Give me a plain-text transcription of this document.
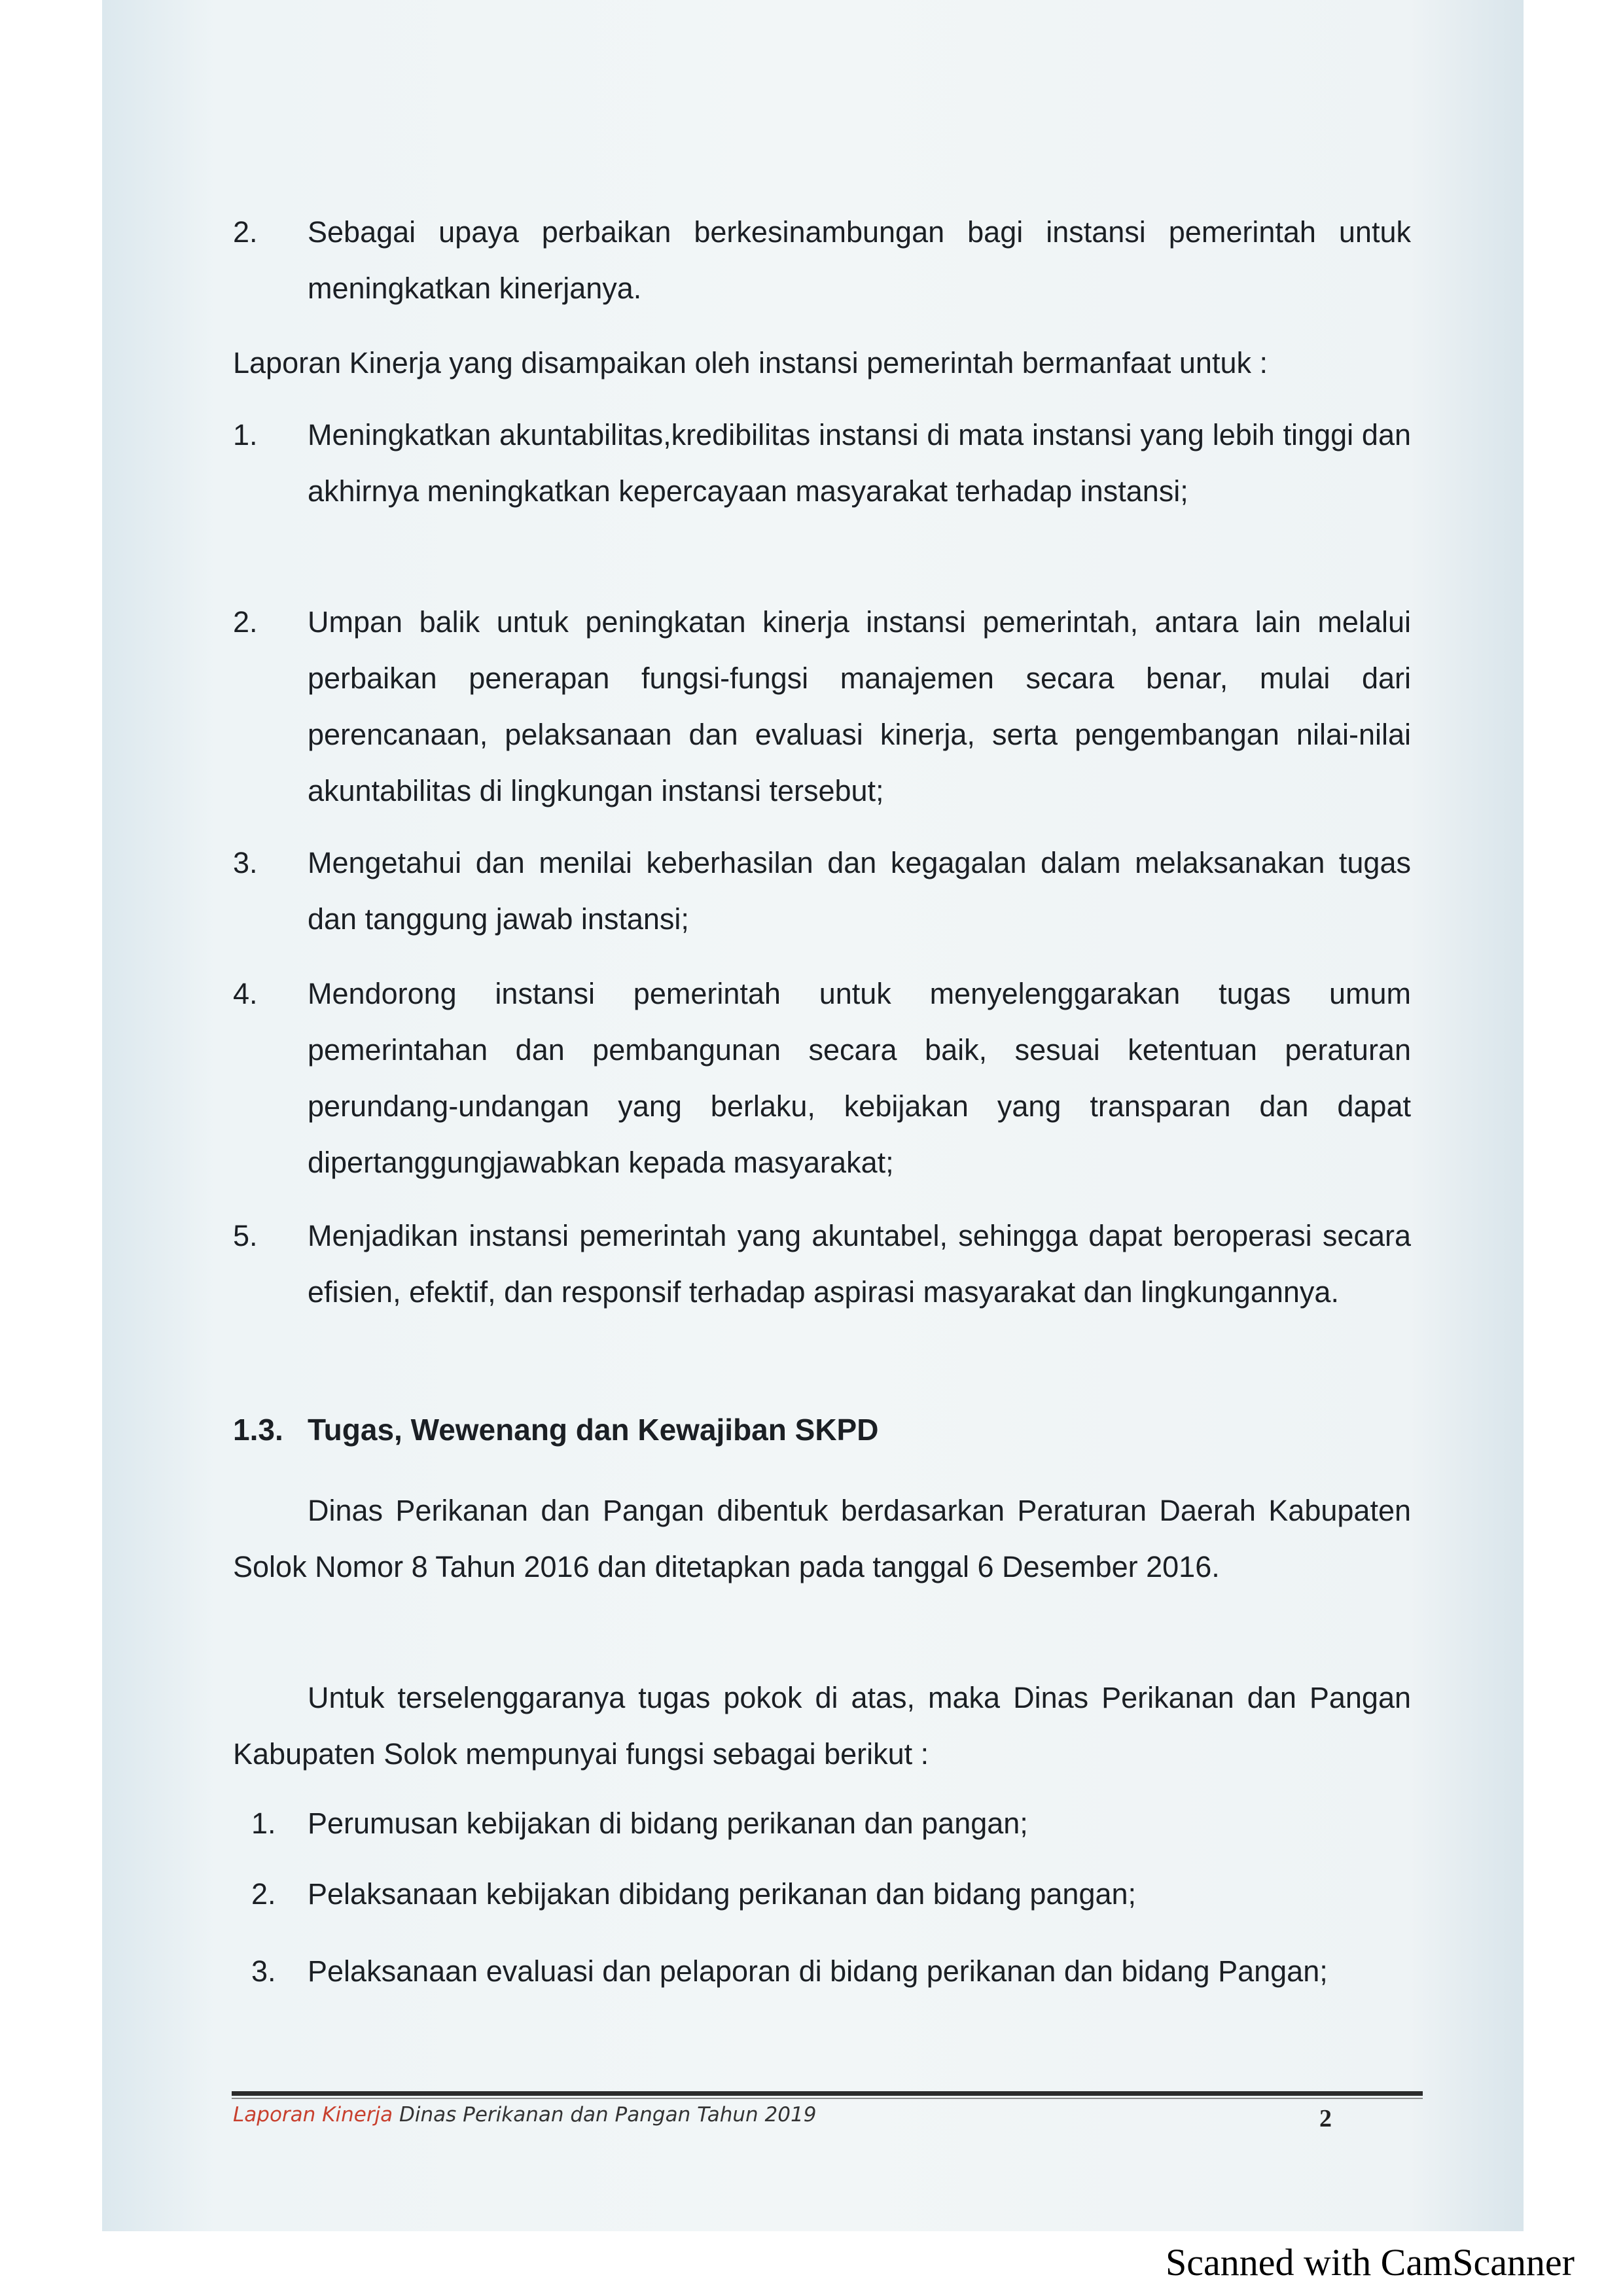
2.	Sebagai upaya perbaikan berkesinambungan bagi instansi pemerintah untuk meningkatkan kinerjanya.
Laporan Kinerja yang disampaikan oleh instansi pemerintah bermanfaat untuk :
1.	Meningkatkan akuntabilitas,kredibilitas instansi di mata instansi yang lebih tinggi dan akhirnya meningkatkan kepercayaan masyarakat terhadap instansi;
2.	Umpan balik untuk peningkatan kinerja instansi pemerintah, antara lain melalui perbaikan penerapan fungsi-fungsi manajemen secara benar, mulai dari perencanaan, pelaksanaan dan evaluasi kinerja, serta pengembangan nilai-nilai akuntabilitas di lingkungan instansi tersebut;
3.	Mengetahui dan menilai keberhasilan dan kegagalan dalam melaksanakan tugas dan tanggung jawab instansi;
4.	Mendorong instansi pemerintah untuk menyelenggarakan tugas umum pemerintahan dan pembangunan secara baik, sesuai ketentuan peraturan perundang-undangan yang berlaku, kebijakan yang transparan dan dapat dipertanggungjawabkan kepada masyarakat;
5.	Menjadikan instansi pemerintah yang akuntabel, sehingga dapat beroperasi secara efisien, efektif, dan responsif terhadap aspirasi masyarakat dan lingkungannya.
1.3. Tugas, Wewenang dan Kewajiban SKPD
Dinas Perikanan dan Pangan dibentuk berdasarkan Peraturan Daerah Kabupaten Solok Nomor 8 Tahun 2016 dan ditetapkan pada tanggal 6 Desember 2016.
Untuk terselenggaranya tugas pokok di atas, maka Dinas Perikanan dan Pangan Kabupaten Solok mempunyai fungsi sebagai berikut :
1.	Perumusan kebijakan di bidang perikanan dan pangan;
2.	Pelaksanaan kebijakan dibidang perikanan dan bidang pangan;
3.	Pelaksanaan evaluasi dan pelaporan di bidang perikanan dan bidang Pangan;
Laporan Kinerja Dinas Perikanan dan Pangan Tahun 2019	2
Scanned with CamScanner
